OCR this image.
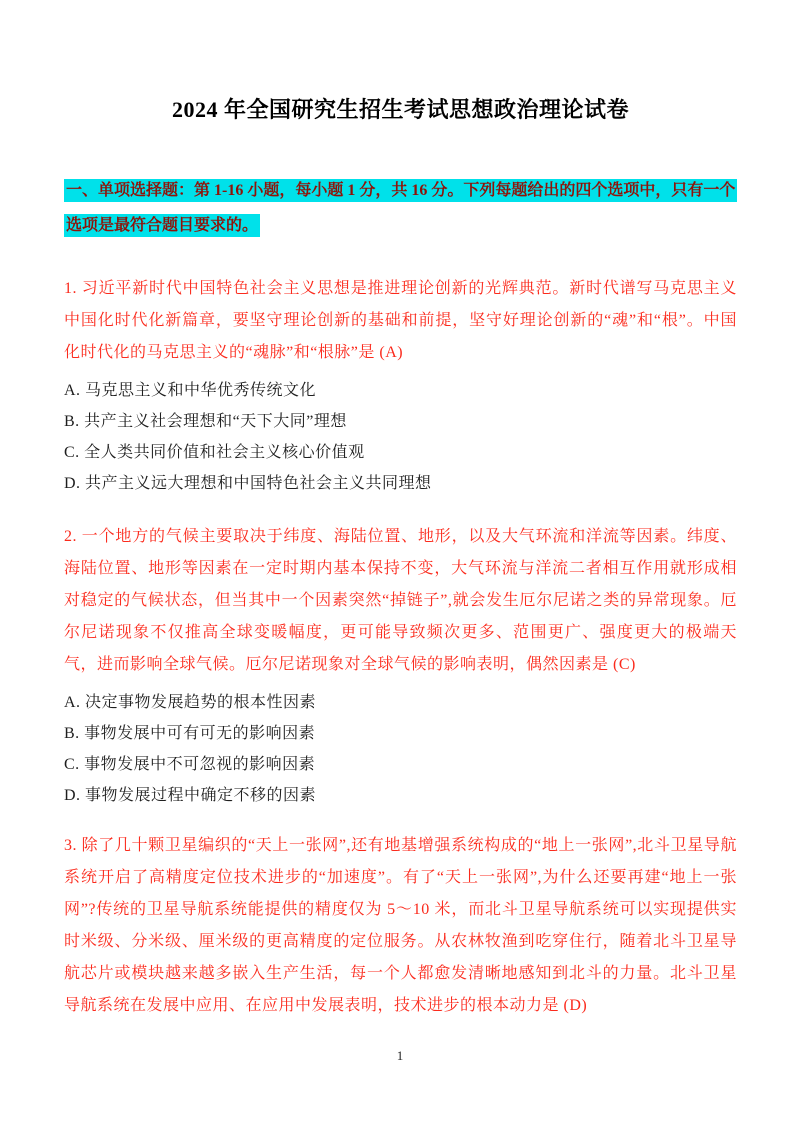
2024 年全国研究生招生考试思想政治理论试卷

一、单项选择题：第 1-16 小题，每小题 1 分，共 16 分。下列每题给出的四个选项中，只有一个选项是最符合题目要求的。

1. 习近平新时代中国特色社会主义思想是推进理论创新的光辉典范。新时代谱写马克思主义中国化时代化新篇章，要坚守理论创新的基础和前提，坚守好理论创新的“魂”和“根”。中国化时代化的马克思主义的“魂脉”和“根脉”是 (A)

A. 马克思主义和中华优秀传统文化

B. 共产主义社会理想和“天下大同”理想

C. 全人类共同价值和社会主义核心价值观

D. 共产主义远大理想和中国特色社会主义共同理想

2. 一个地方的气候主要取决于纬度、海陆位置、地形，以及大气环流和洋流等因素。纬度、海陆位置、地形等因素在一定时期内基本保持不变，大气环流与洋流二者相互作用就形成相对稳定的气候状态，但当其中一个因素突然“掉链子”,就会发生厄尔尼诺之类的异常现象。厄尔尼诺现象不仅推高全球变暖幅度，更可能导致频次更多、范围更广、强度更大的极端天气，进而影响全球气候。厄尔尼诺现象对全球气候的影响表明，偶然因素是 (C)

A. 决定事物发展趋势的根本性因素

B. 事物发展中可有可无的影响因素

C. 事物发展中不可忽视的影响因素

D. 事物发展过程中确定不移的因素

3. 除了几十颗卫星编织的“天上一张网”,还有地基增强系统构成的“地上一张网”,北斗卫星导航系统开启了高精度定位技术进步的“加速度”。有了“天上一张网”,为什么还要再建“地上一张网”?传统的卫星导航系统能提供的精度仅为 5～10 米，而北斗卫星导航系统可以实现提供实时米级、分米级、厘米级的更高精度的定位服务。从农林牧渔到吃穿住行，随着北斗卫星导航芯片或模块越来越多嵌入生产生活，每一个人都愈发清晰地感知到北斗的力量。北斗卫星导航系统在发展中应用、在应用中发展表明，技术进步的根本动力是 (D)

1
